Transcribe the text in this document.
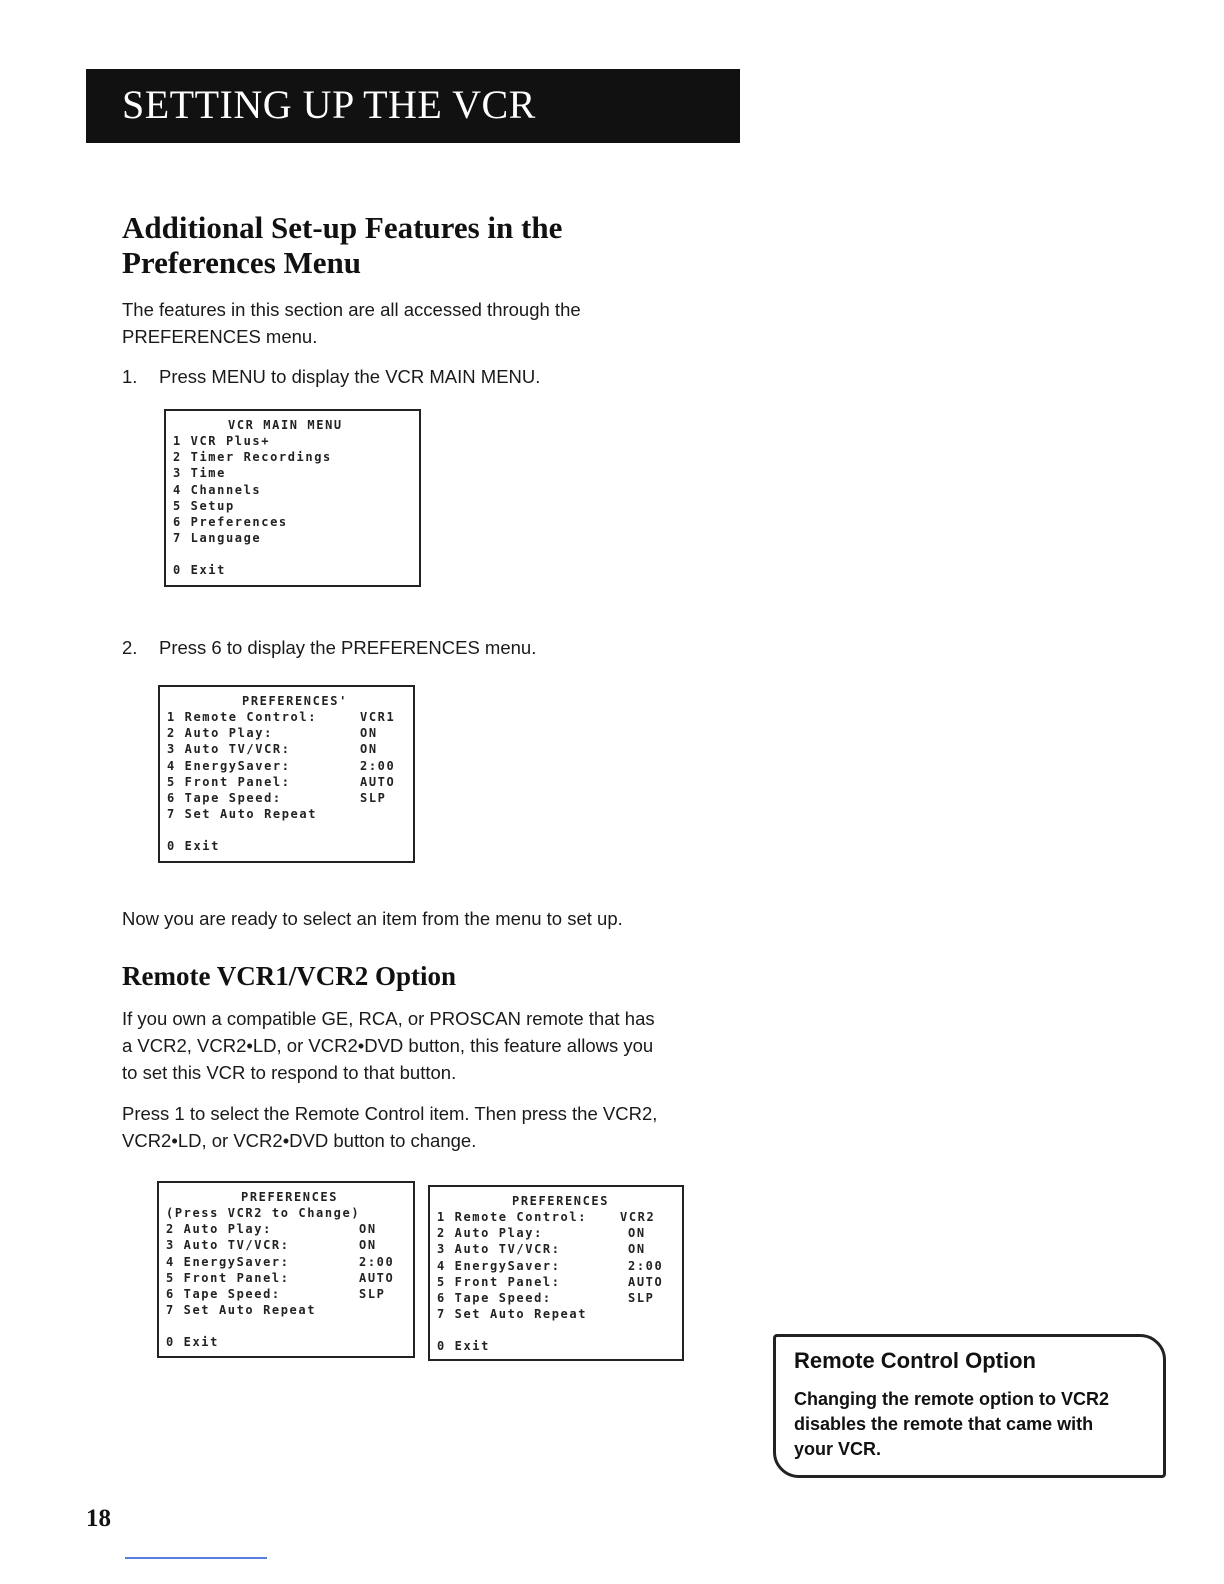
SETTING UP THE VCR
Additional Set-up Features in the
Preferences Menu

The features in this section are all accessed through the
PREFERENCES menu.

1. Press MENU to display the VCR MAIN MENU.
VCR MAIN MENU
1 VCR Plus+
2 Timer Recordings
3 Time
4 Channels
5 Setup
6 Preferences
7 Language
0 Exit
2. Press 6 to display the PREFERENCES menu.
PREFERENCES'
1 Remote Control:	VCR1
2 Auto Play:	ON
3 Auto TV/VCR:	ON
4 EnergySaver:	2:00
5 Front Panel:	AUTO
6 Tape Speed:	SLP
7 Set Auto Repeat
0 Exit

Now you are ready to select an item from the menu to set up.

Remote VCR1/VCR2 Option

If you own a compatible GE, RCA, or PROSCAN remote that has
a VCR2, VCR2•LD, or VCR2•DVD button, this feature allows you
to set this VCR to respond to that button.

Press 1 to select the Remote Control item. Then press the VCR2,
VCR2•LD, or VCR2•DVD button to change.

PREFERENCES
(Press VCR2 to Change)
2 Auto Play:	ON
3 Auto TV/VCR:	ON
4 EnergySaver:	2:00
5 Front Panel:	AUTO
6 Tape Speed:	SLP
7 Set Auto Repeat
0 Exit
PREFERENCES
1 Remote Control:	VCR2
2 Auto Play:	ON
3 Auto TV/VCR:	ON
4 EnergySaver:	2:00
5 Front Panel:	AUTO
6 Tape Speed:	SLP
7 Set Auto Repeat
0 Exit
Remote Control Option
Changing the remote option to VCR2
disables the remote that came with
your VCR.
18
